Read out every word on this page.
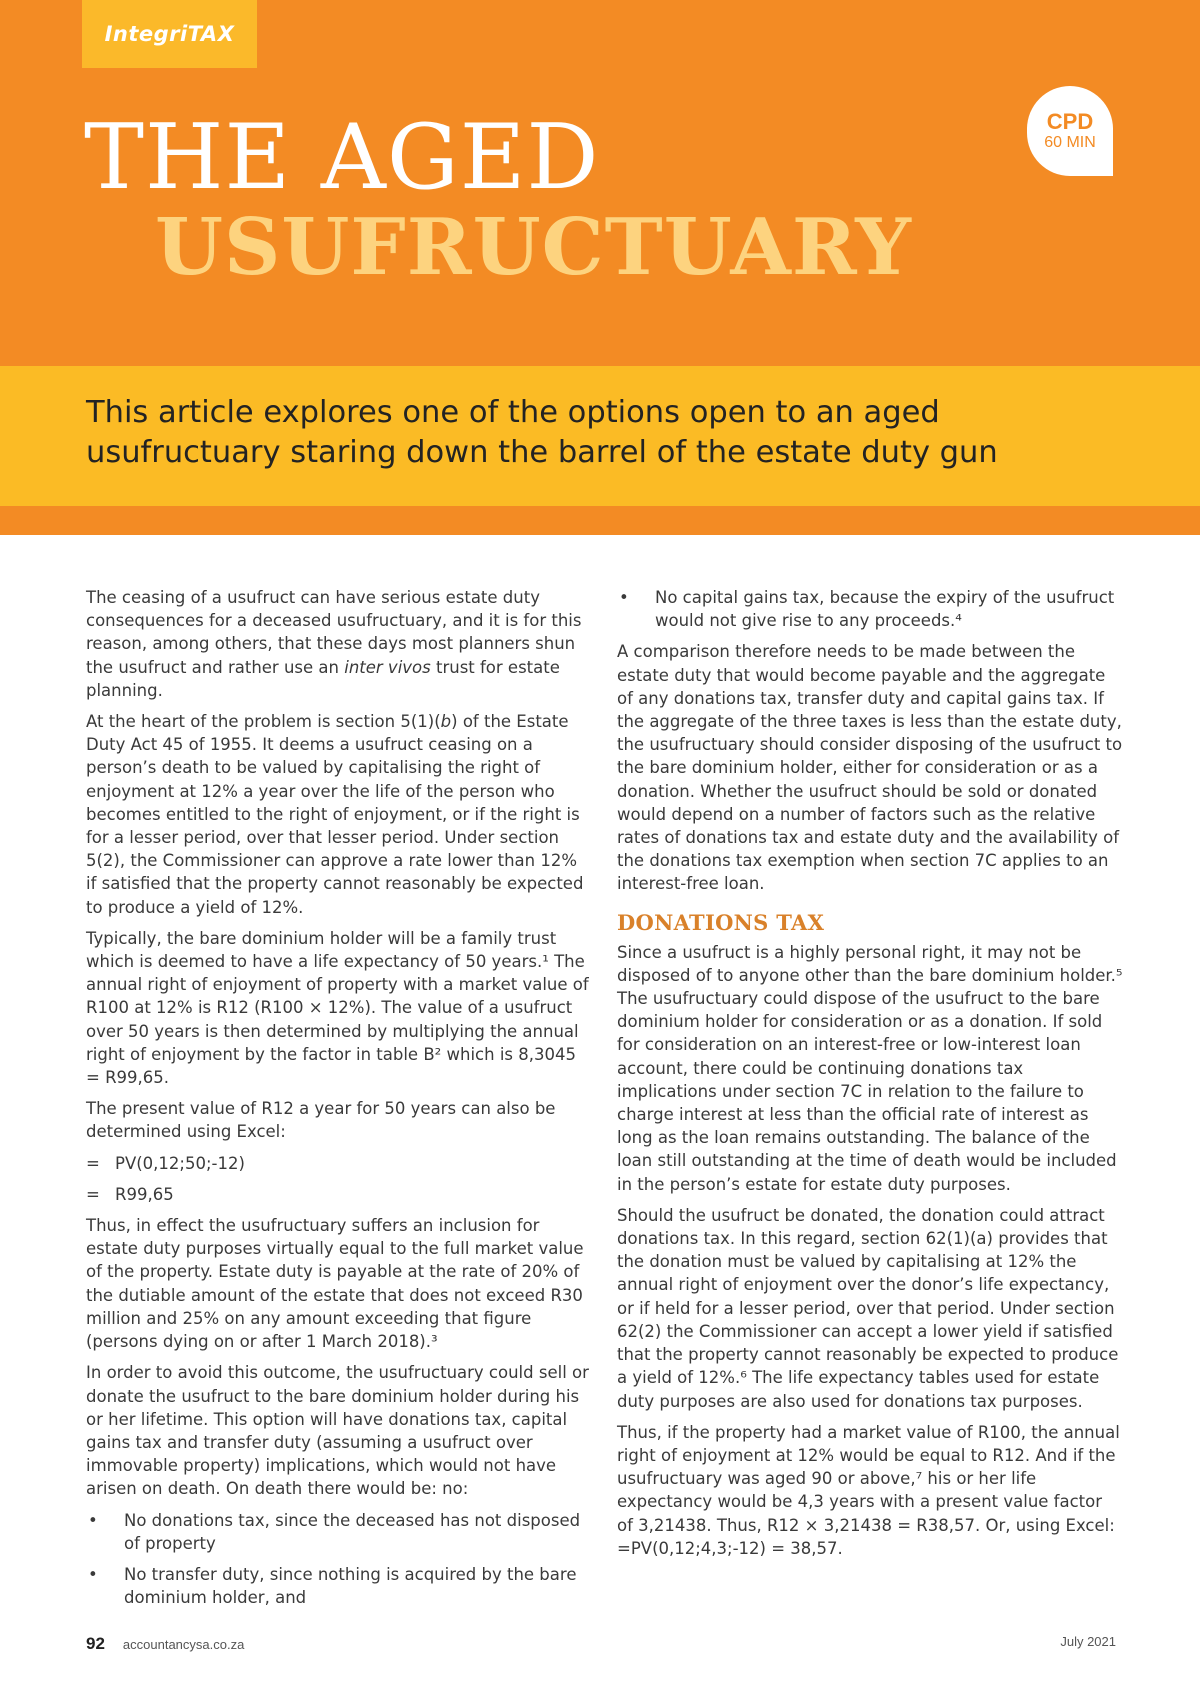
IntegriTAX
CPD
60 MIN
THE AGED
USUFRUCTUARY
This article explores one of the options open to an aged usufructuary staring down the barrel of the estate duty gun

The ceasing of a usufruct can have serious estate duty consequences for a deceased usufructuary, and it is for this reason, among others, that these days most planners shun the usufruct and rather use an inter vivos trust for estate planning.

At the heart of the problem is section 5(1)(b) of the Estate Duty Act 45 of 1955. It deems a usufruct ceasing on a person’s death to be valued by capitalising the right of enjoyment at 12% a year over the life of the person who becomes entitled to the right of enjoyment, or if the right is for a lesser period, over that lesser period. Under section 5(2), the Commissioner can approve a rate lower than 12% if satisfied that the property cannot reasonably be expected to produce a yield of 12%.

Typically, the bare dominium holder will be a family trust which is deemed to have a life expectancy of 50 years.¹ The annual right of enjoyment of property with a market value of R100 at 12% is R12 (R100 × 12%). The value of a usufruct over 50 years is then determined by multiplying the annual right of enjoyment by the factor in table B² which is 8,3045 = R99,65.

The present value of R12 a year for 50 years can also be determined using Excel:

= PV(0,12;50;-12)
= R99,65

Thus, in effect the usufructuary suffers an inclusion for estate duty purposes virtually equal to the full market value of the property. Estate duty is payable at the rate of 20% of the dutiable amount of the estate that does not exceed R30 million and 25% on any amount exceeding that figure (persons dying on or after 1 March 2018).³

In order to avoid this outcome, the usufructuary could sell or donate the usufruct to the bare dominium holder during his or her lifetime. This option will have donations tax, capital gains tax and transfer duty (assuming a usufruct over immovable property) implications, which would not have arisen on death. On death there would be: no:

•	No donations tax, since the deceased has not disposed of property
•	No transfer duty, since nothing is acquired by the bare dominium holder, and
•	No capital gains tax, because the expiry of the usufruct would not give rise to any proceeds.⁴

A comparison therefore needs to be made between the estate duty that would become payable and the aggregate of any donations tax, transfer duty and capital gains tax. If the aggregate of the three taxes is less than the estate duty, the usufructuary should consider disposing of the usufruct to the bare dominium holder, either for consideration or as a donation. Whether the usufruct should be sold or donated would depend on a number of factors such as the relative rates of donations tax and estate duty and the availability of the donations tax exemption when section 7C applies to an interest-free loan.

DONATIONS TAX

Since a usufruct is a highly personal right, it may not be disposed of to anyone other than the bare dominium holder.⁵ The usufructuary could dispose of the usufruct to the bare dominium holder for consideration or as a donation. If sold for consideration on an interest-free or low-interest loan account, there could be continuing donations tax implications under section 7C in relation to the failure to charge interest at less than the official rate of interest as long as the loan remains outstanding. The balance of the loan still outstanding at the time of death would be included in the person’s estate for estate duty purposes.

Should the usufruct be donated, the donation could attract donations tax. In this regard, section 62(1)(a) provides that the donation must be valued by capitalising at 12% the annual right of enjoyment over the donor’s life expectancy, or if held for a lesser period, over that period. Under section 62(2) the Commissioner can accept a lower yield if satisfied that the property cannot reasonably be expected to produce a yield of 12%.⁶ The life expectancy tables used for estate duty purposes are also used for donations tax purposes.

Thus, if the property had a market value of R100, the annual right of enjoyment at 12% would be equal to R12. And if the usufructuary was aged 90 or above,⁷ his or her life expectancy would be 4,3 years with a present value factor of 3,21438. Thus, R12 × 3,21438 = R38,57. Or, using Excel: =PV(0,12;4,3;-12) = 38,57.

92 accountancysa.co.za	July 2021
